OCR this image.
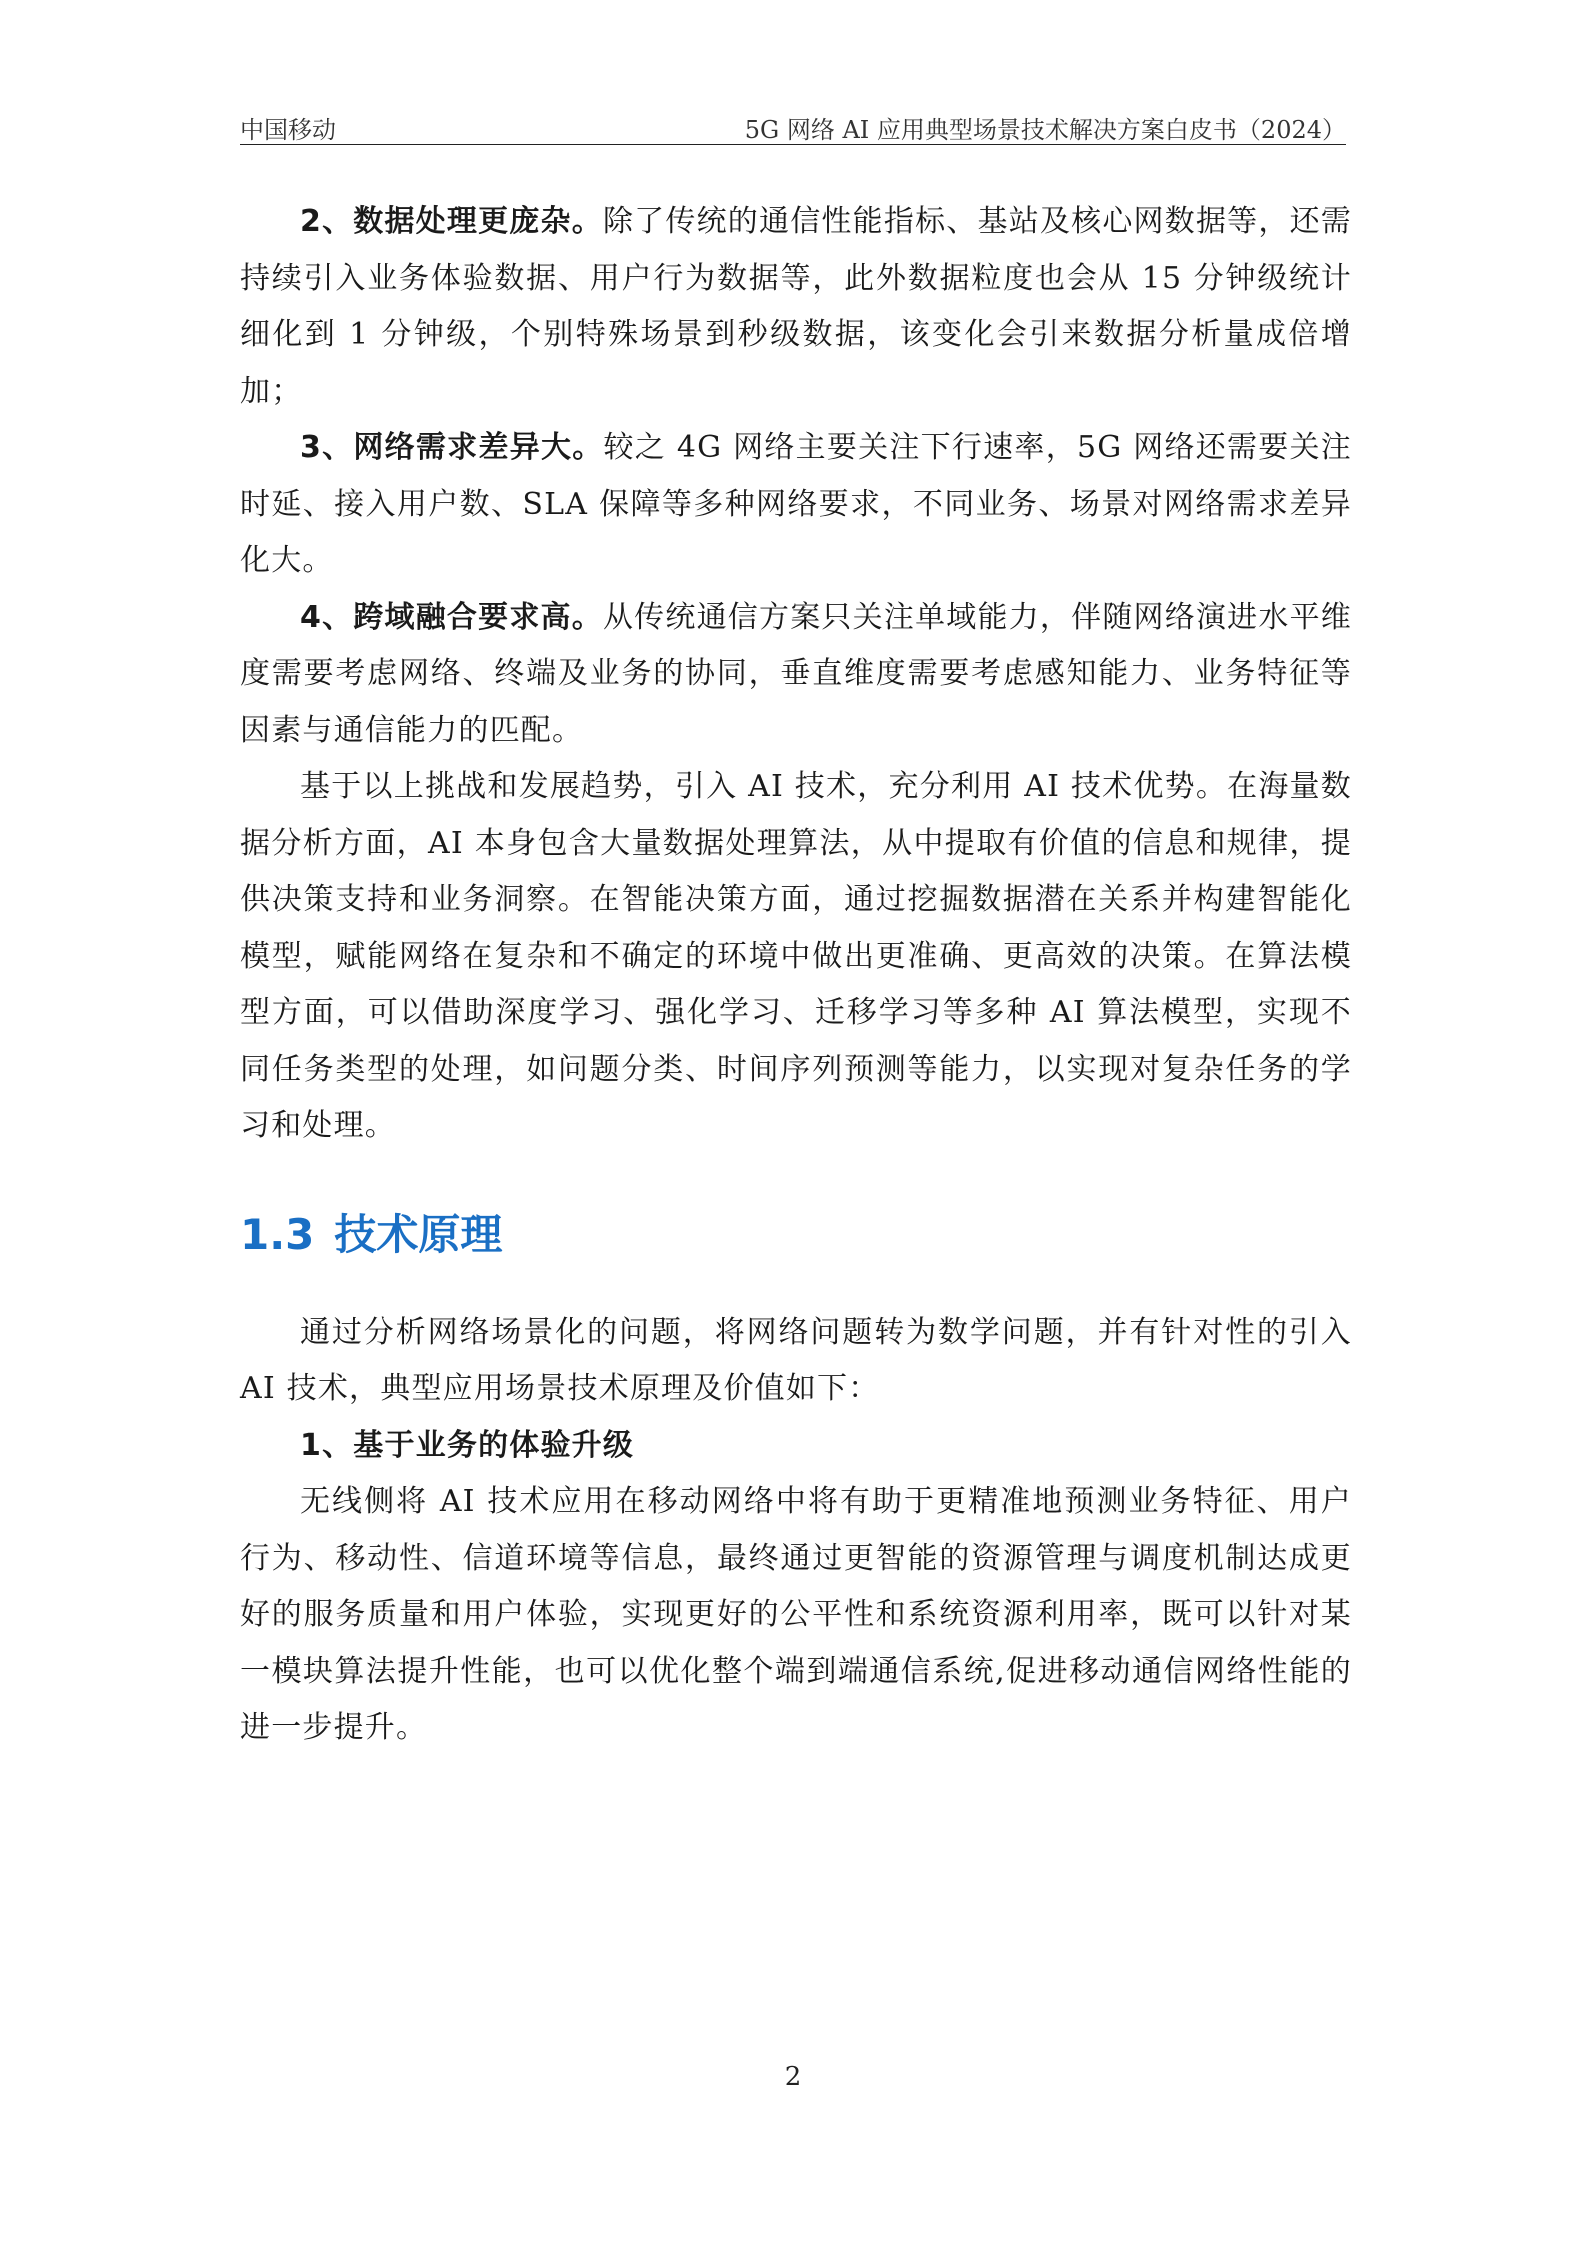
中国移动	5G 网络 AI 应用典型场景技术解决方案白皮书（2024）

2、数据处理更庞杂。除了传统的通信性能指标、基站及核心网数据等，还需持续引入业务体验数据、用户行为数据等，此外数据粒度也会从 15 分钟级统计细化到 1 分钟级，个别特殊场景到秒级数据，该变化会引来数据分析量成倍增加；

3、网络需求差异大。较之 4G 网络主要关注下行速率，5G 网络还需要关注时延、接入用户数、SLA 保障等多种网络要求，不同业务、场景对网络需求差异化大。

4、跨域融合要求高。从传统通信方案只关注单域能力，伴随网络演进水平维度需要考虑网络、终端及业务的协同，垂直维度需要考虑感知能力、业务特征等因素与通信能力的匹配。

基于以上挑战和发展趋势，引入 AI 技术，充分利用 AI 技术优势。在海量数据分析方面，AI 本身包含大量数据处理算法，从中提取有价值的信息和规律，提供决策支持和业务洞察。在智能决策方面，通过挖掘数据潜在关系并构建智能化模型，赋能网络在复杂和不确定的环境中做出更准确、更高效的决策。在算法模型方面，可以借助深度学习、强化学习、迁移学习等多种 AI 算法模型，实现不同任务类型的处理，如问题分类、时间序列预测等能力，以实现对复杂任务的学习和处理。

1.3 技术原理

通过分析网络场景化的问题，将网络问题转为数学问题，并有针对性的引入 AI 技术，典型应用场景技术原理及价值如下：

1、基于业务的体验升级

无线侧将 AI 技术应用在移动网络中将有助于更精准地预测业务特征、用户行为、移动性、信道环境等信息，最终通过更智能的资源管理与调度机制达成更好的服务质量和用户体验，实现更好的公平性和系统资源利用率，既可以针对某一模块算法提升性能，也可以优化整个端到端通信系统,促进移动通信网络性能的进一步提升。

2
